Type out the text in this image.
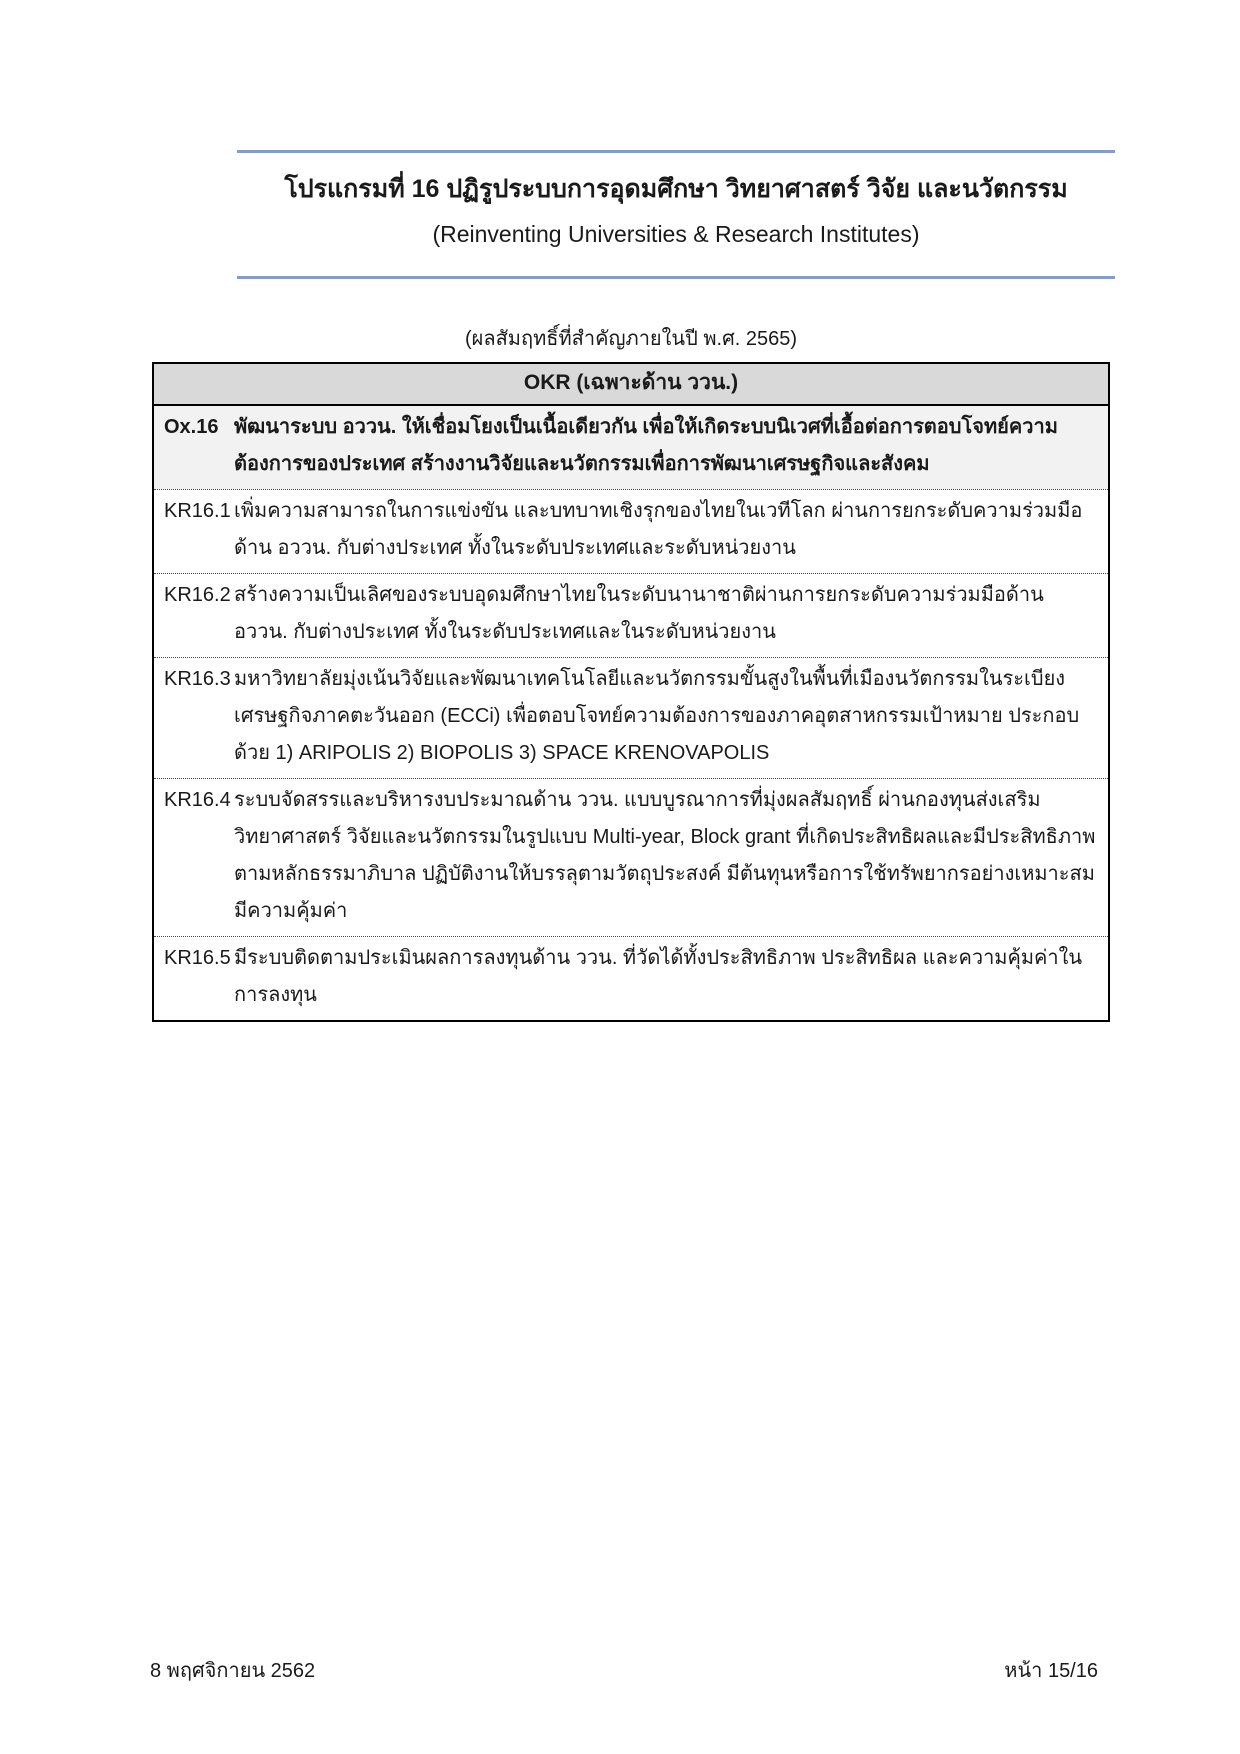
โปรแกรมที่ 16 ปฏิรูประบบการอุดมศึกษา วิทยาศาสตร์ วิจัย และนวัตกรรม
(Reinventing Universities & Research Institutes)
(ผลสัมฤทธิ์ที่สำคัญภายในปี พ.ศ. 2565)
OKR (เฉพาะด้าน ววน.)
Ox.16 พัฒนาระบบ อววน. ให้เชื่อมโยงเป็นเนื้อเดียวกัน เพื่อให้เกิดระบบนิเวศที่เอื้อต่อการตอบโจทย์ความต้องการของประเทศ สร้างงานวิจัยและนวัตกรรมเพื่อการพัฒนาเศรษฐกิจและสังคม
KR16.1 เพิ่มความสามารถในการแข่งขัน และบทบาทเชิงรุกของไทยในเวทีโลก ผ่านการยกระดับความร่วมมือด้าน อววน. กับต่างประเทศ ทั้งในระดับประเทศและระดับหน่วยงาน
KR16.2 สร้างความเป็นเลิศของระบบอุดมศึกษาไทยในระดับนานาชาติผ่านการยกระดับความร่วมมือด้าน อววน. กับต่างประเทศ ทั้งในระดับประเทศและในระดับหน่วยงาน
KR16.3 มหาวิทยาลัยมุ่งเน้นวิจัยและพัฒนาเทคโนโลยีและนวัตกรรมขั้นสูงในพื้นที่เมืองนวัตกรรมในระเบียงเศรษฐกิจภาคตะวันออก (ECCi) เพื่อตอบโจทย์ความต้องการของภาคอุตสาหกรรมเป้าหมาย ประกอบด้วย 1) ARIPOLIS 2) BIOPOLIS 3) SPACE KRENOVAPOLIS
KR16.4 ระบบจัดสรรและบริหารงบประมาณด้าน ววน. แบบบูรณาการที่มุ่งผลสัมฤทธิ์ ผ่านกองทุนส่งเสริมวิทยาศาสตร์ วิจัยและนวัตกรรมในรูปแบบ Multi-year, Block grant ที่เกิดประสิทธิผลและมีประสิทธิภาพตามหลักธรรมาภิบาล ปฏิบัติงานให้บรรลุตามวัตถุประสงค์ มีต้นทุนหรือการใช้ทรัพยากรอย่างเหมาะสม มีความคุ้มค่า
KR16.5 มีระบบติดตามประเมินผลการลงทุนด้าน ววน. ที่วัดได้ทั้งประสิทธิภาพ ประสิทธิผล และความคุ้มค่าในการลงทุน
8 พฤศจิกายน 2562	หน้า 15/16
